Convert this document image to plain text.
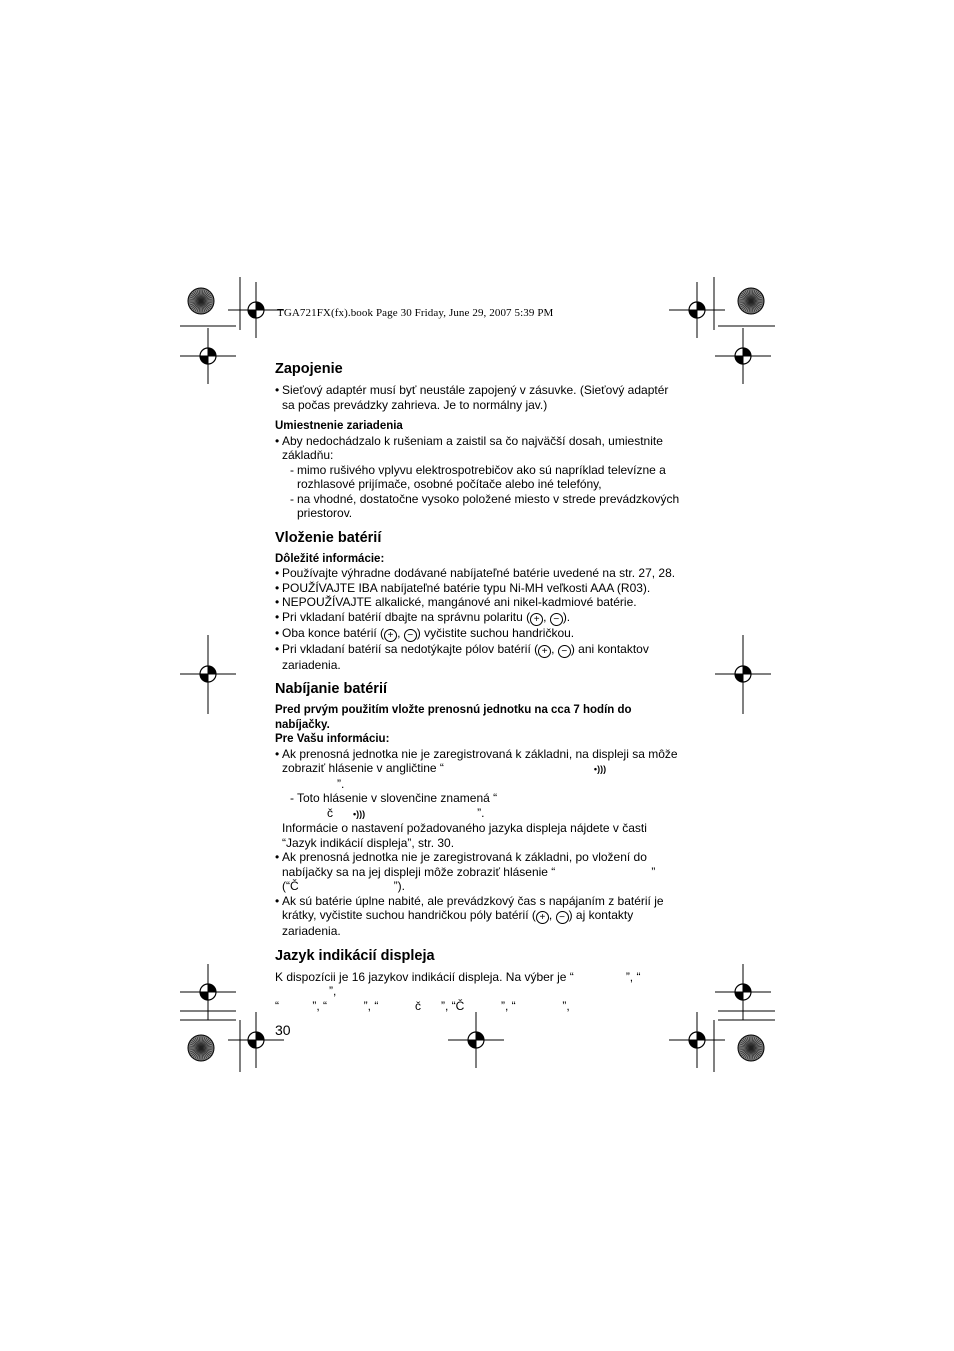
TGA721FX(fx).book Page 30 Friday, June 29, 2007 5:39 PM
Zapojenie
• Sieťový adaptér musí byť neustále zapojený v zásuvke. (Sieťový adaptér sa počas prevádzky zahrieva. Je to normálny jav.)

Umiestnenie zariadenia

• Aby nedochádzalo k rušeniam a zaistil sa čo najväčší dosah, umiestnite základňu:
- mimo rušivého vplyvu elektrospotrebičov ako sú napríklad televízne a rozhlasové prijímače, osobné počítače alebo iné telefóny,
- na vhodné, dostatočne vysoko položené miesto v strede prevádzkových priestorov.
Vloženie batérií

Dôležité informácie:

• Používajte výhradne dodávané nabíjateľné batérie uvedené na str. 27, 28.
• POUŽÍVAJTE IBA nabíjateľné batérie typu Ni-MH veľkosti AAA (R03).
• NEPOUŽÍVAJTE alkalické, mangánové ani nikel-kadmiové batérie.
• Pri vkladaní batérií dbajte na správnu polaritu ( + , − ).
• Oba konce batérií ( + , − ) vyčistite suchou handričkou.
• Pri vkladaní batérií sa nedotýkajte pólov batérií ( + , − ) ani kontaktov zariadenia.
Nabíjanie batérií

Pred prvým použitím vložte prenosnú jednotku na cca 7 hodín do nabíjačky.

Pre Vašu informáciu:

• Ak prenosná jednotka nie je zaregistrovaná k základni, na displeji sa môže zobraziť hlásenie v angličtine “	•)))
”.
- Toto hlásenie v slovenčine znamená “
č •)))	”.
Informácie o nastavení požadovaného jazyka displeja nájdete v časti “Jazyk indikácií displeja”, str. 30.
• Ak prenosná jednotka nie je zaregistrovaná k základni, po vložení do nabíjačky sa na jej displeji môže zobraziť hlásenie “	”
(“Č	”).
• Ak sú batérie úplne nabité, ale prevádzkový čas s napájaním z batérií je krátky, vyčistite suchou handričkou póly batérií ( + , − ) aj kontakty zariadenia.
Jazyk indikácií displeja

K dispozícii je 16 jazykov indikácií displeja. Na výber je “	”, “”,

“          ”, “           ”, “           č      ”, “Č           ”, “              ”,

30
